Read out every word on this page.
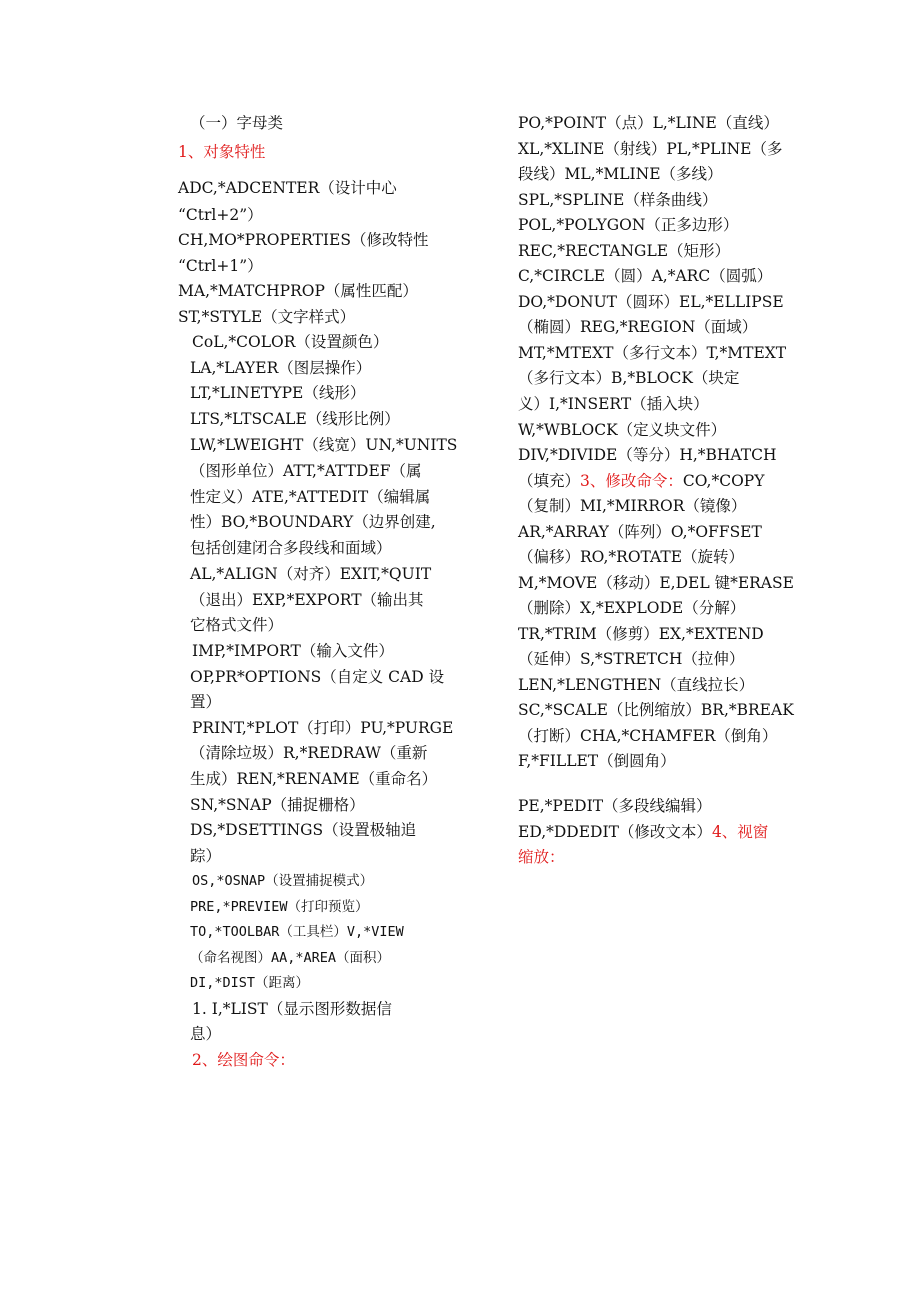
（一）字母类
1、对象特性
ADC,*ADCENTER（设计中心
“Ctrl+2”）
CH,MO*PROPERTIES（修改特性
“Ctrl+1”）
MA,*MATCHPROP（属性匹配）
ST,*STYLE（文字样式）
CoL,*COLOR（设置颜色）
LA,*LAYER（图层操作）
LT,*LINETYPE（线形）
LTS,*LTSCALE（线形比例）
LW,*LWEIGHT（线宽）UN,*UNITS
（图形单位）ATT,*ATTDEF（属
性定义）ATE,*ATTEDIT（编辑属
性）BO,*BOUNDARY（边界创建,
包括创建闭合多段线和面域）
AL,*ALIGN（对齐）EXIT,*QUIT
（退出）EXP,*EXPORT（输出其
它格式文件）
IMP,*IMPORT（输入文件）
OP,PR*OPTIONS（自定义 CAD 设
置）
PRINT,*PLOT（打印）PU,*PURGE
（清除垃圾）R,*REDRAW（重新
生成）REN,*RENAME（重命名）
SN,*SNAP（捕捉栅格）
DS,*DSETTINGS（设置极轴追
踪）
OS,*OSNAP（设置捕捉模式）
PRE,*PREVIEW（打印预览）
TO,*TOOLBAR（工具栏）V,*VIEW
（命名视图）AA,*AREA（面积）
DI,*DIST（距离）
1. I,*LIST（显示图形数据信
息）
2、绘图命令：
PO,*POINT（点）L,*LINE（直线）
XL,*XLINE（射线）PL,*PLINE（多
段线）ML,*MLINE（多线）
SPL,*SPLINE（样条曲线）
POL,*POLYGON（正多边形）
REC,*RECTANGLE（矩形）
C,*CIRCLE（圆）A,*ARC（圆弧）
DO,*DONUT（圆环）EL,*ELLIPSE
（椭圆）REG,*REGION（面域）
MT,*MTEXT（多行文本）T,*MTEXT
（多行文本）B,*BLOCK（块定
义）I,*INSERT（插入块）
W,*WBLOCK（定义块文件）
DIV,*DIVIDE（等分）H,*BHATCH
（填充）3、修改命令：CO,*COPY
（复制）MI,*MIRROR（镜像）
AR,*ARRAY（阵列）O,*OFFSET
（偏移）RO,*ROTATE（旋转）
M,*MOVE（移动）E,DEL 键*ERASE
（删除）X,*EXPLODE（分解）
TR,*TRIM（修剪）EX,*EXTEND
（延伸）S,*STRETCH（拉伸）
LEN,*LENGTHEN（直线拉长）
SC,*SCALE（比例缩放）BR,*BREAK
（打断）CHA,*CHAMFER（倒角）
F,*FILLET（倒圆角）
PE,*PEDIT（多段线编辑）
ED,*DDEDIT（修改文本）4、视窗
缩放：
